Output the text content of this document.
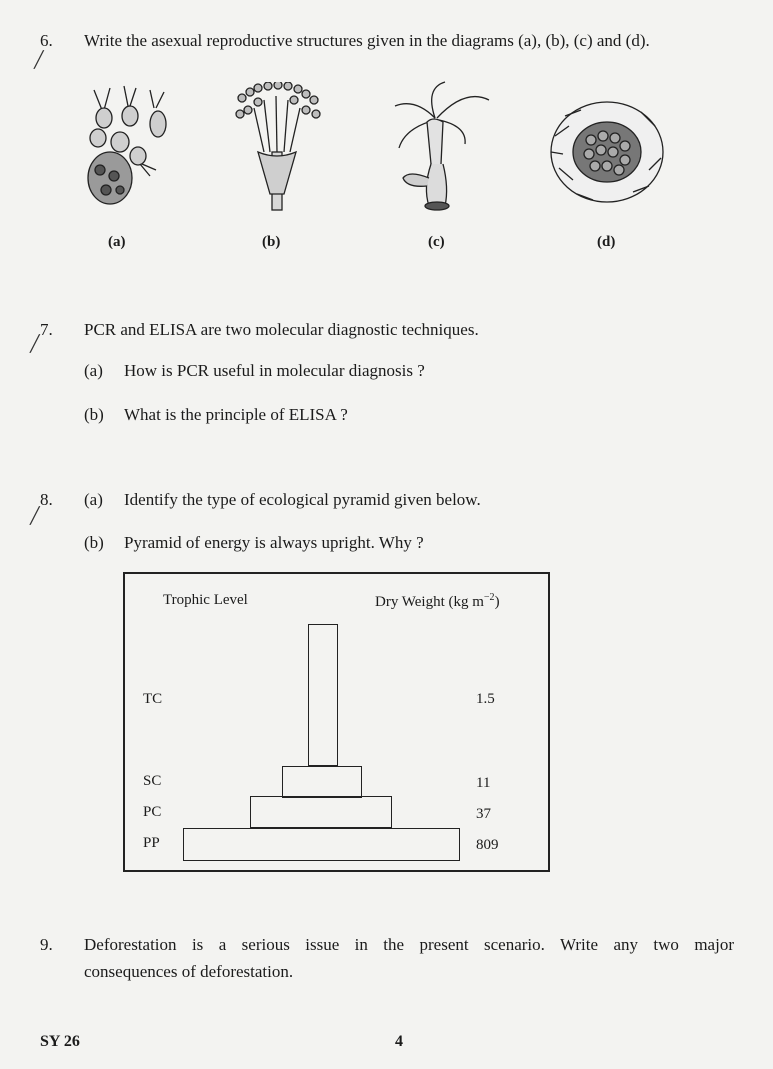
6.	Write the asexual reproductive structures given in the diagrams (a), (b), (c) and (d).
╱
(a)	(b)	(c)	(d)
7.
╱
PCR and ELISA are two molecular diagnostic techniques.
(a) How is PCR useful in molecular diagnosis ?
(b) What is the principle of ELISA ?
8.
╱
(a) Identify the type of ecological pyramid given below.
(b) Pyramid of energy is always upright. Why ?
Trophic Level	Dry Weight (kg $m^{-2}$)
TC	1.5
SC	11
PC	37
PP	809
9.	Deforestation is a serious issue in the present scenario. Write any two major
consequences of deforestation.
SY 26	4
